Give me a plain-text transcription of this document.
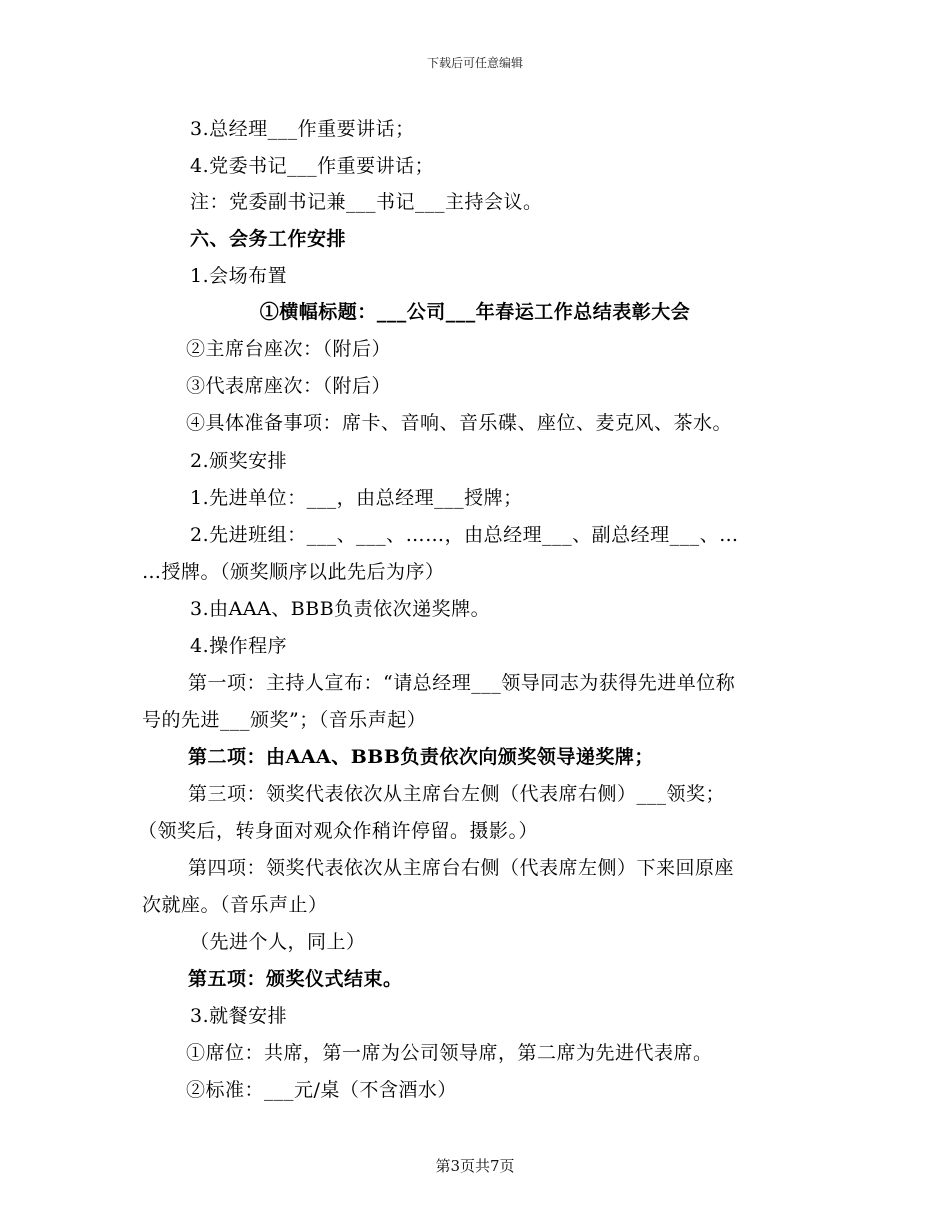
下载后可任意编辑
3.总经理___作重要讲话；
4.党委书记___作重要讲话；
注：党委副书记兼___书记___主持会议。
六、会务工作安排
1.会场布置
①横幅标题：___公司___年春运工作总结表彰大会
②主席台座次：（附后）
③代表席座次：（附后）
④具体准备事项：席卡、音响、音乐碟、座位、麦克风、茶水。
2.颁奖安排
1.先进单位：___，由总经理___授牌；
2.先进班组：___、___、……，由总经理___、副总经理___、…
…授牌。（颁奖顺序以此先后为序）
3.由AAA、BBB负责依次递奖牌。
4.操作程序
第一项：主持人宣布：“请总经理___领导同志为获得先进单位称
号的先进___颁奖”；（音乐声起）
第二项：由AAA、BBB负责依次向颁奖领导递奖牌；
第三项：领奖代表依次从主席台左侧（代表席右侧）___领奖；
（领奖后，转身面对观众作稍许停留。摄影。）
第四项：领奖代表依次从主席台右侧（代表席左侧）下来回原座
次就座。（音乐声止）
（先进个人，同上）
第五项：颁奖仪式结束。
3.就餐安排
①席位：共席，第一席为公司领导席，第二席为先进代表席。
②标准：___元/桌（不含酒水）
第3页共7页
